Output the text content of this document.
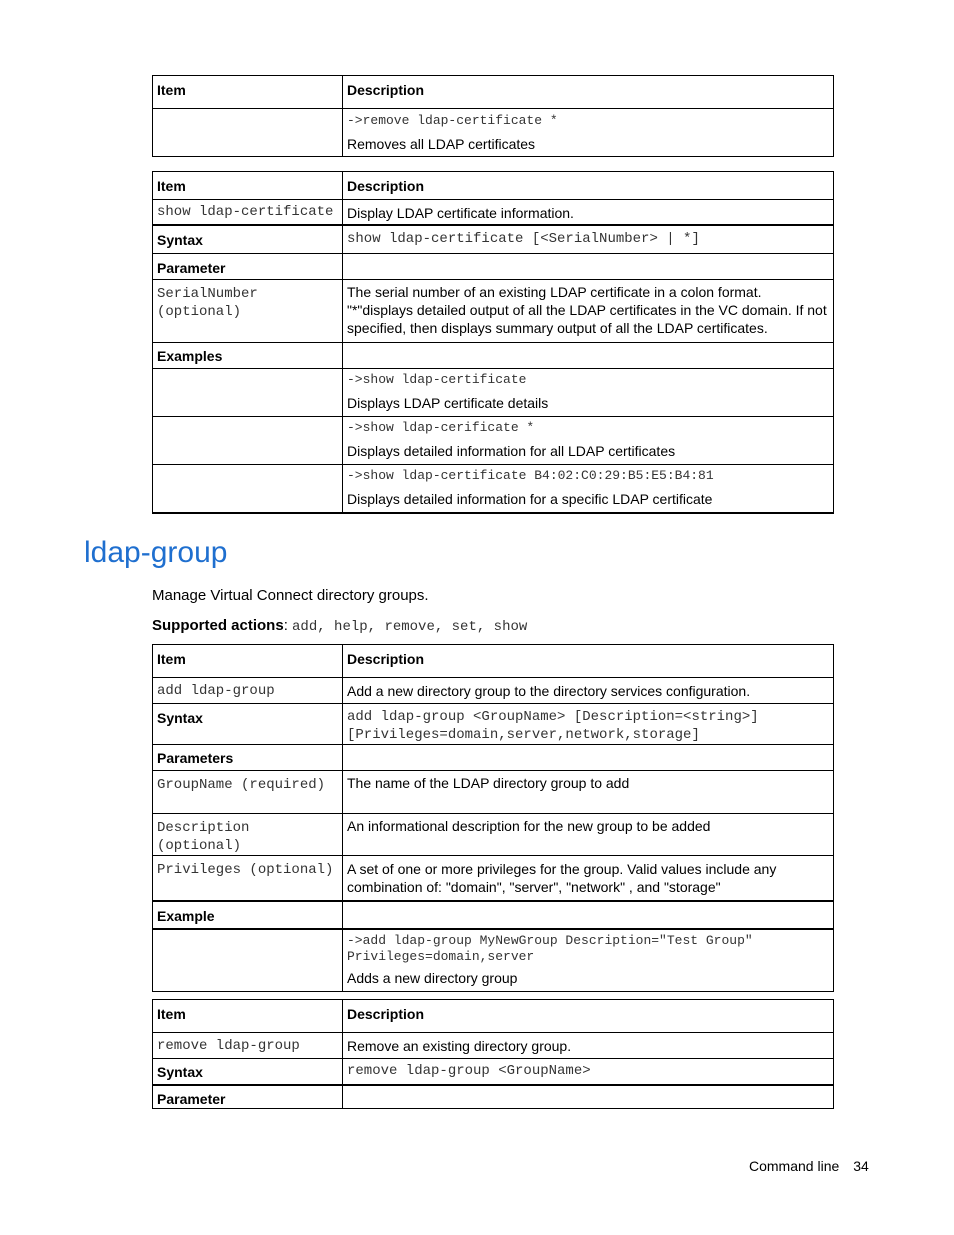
Item	Description

	->remove ldap-certificate *
Removes all LDAP certificates
Item	Description
show ldap-certificate	Display LDAP certificate information.
Syntax	show ldap-certificate [<SerialNumber> | *]
Parameter	
SerialNumber (optional)	The serial number of an existing LDAP certificate in a colon format. "*"displays detailed output of all the LDAP certificates in the VC domain. If not specified, then displays summary output of all the LDAP certificates.
Examples	

	->show ldap-certificate
Displays LDAP certificate details

	->show ldap-cerificate *
Displays detailed information for all LDAP certificates

	->show ldap-certificate B4:02:C0:29:B5:E5:B4:81
Displays detailed information for a specific LDAP certificate
ldap-group

Manage Virtual Connect directory groups.

Supported actions: add, help, remove, set, show

Item	Description
add ldap-group	Add a new directory group to the directory services configuration.
Syntax	add ldap-group <GroupName> [Description=<string>] [Privileges=domain,server,network,storage]
Parameters	
GroupName (required)	The name of the LDAP directory group to add
Description (optional)	An informational description for the new group to be added
Privileges (optional)	A set of one or more privileges for the group. Valid values include any combination of: "domain", "server", "network" , and "storage"
Example	

	->add ldap-group MyNewGroup Description="Test Group" Privileges=domain,server
Adds a new directory group
Item	Description
remove ldap-group	Remove an existing directory group.
Syntax	remove ldap-group <GroupName>
Parameter	
Command line 34
